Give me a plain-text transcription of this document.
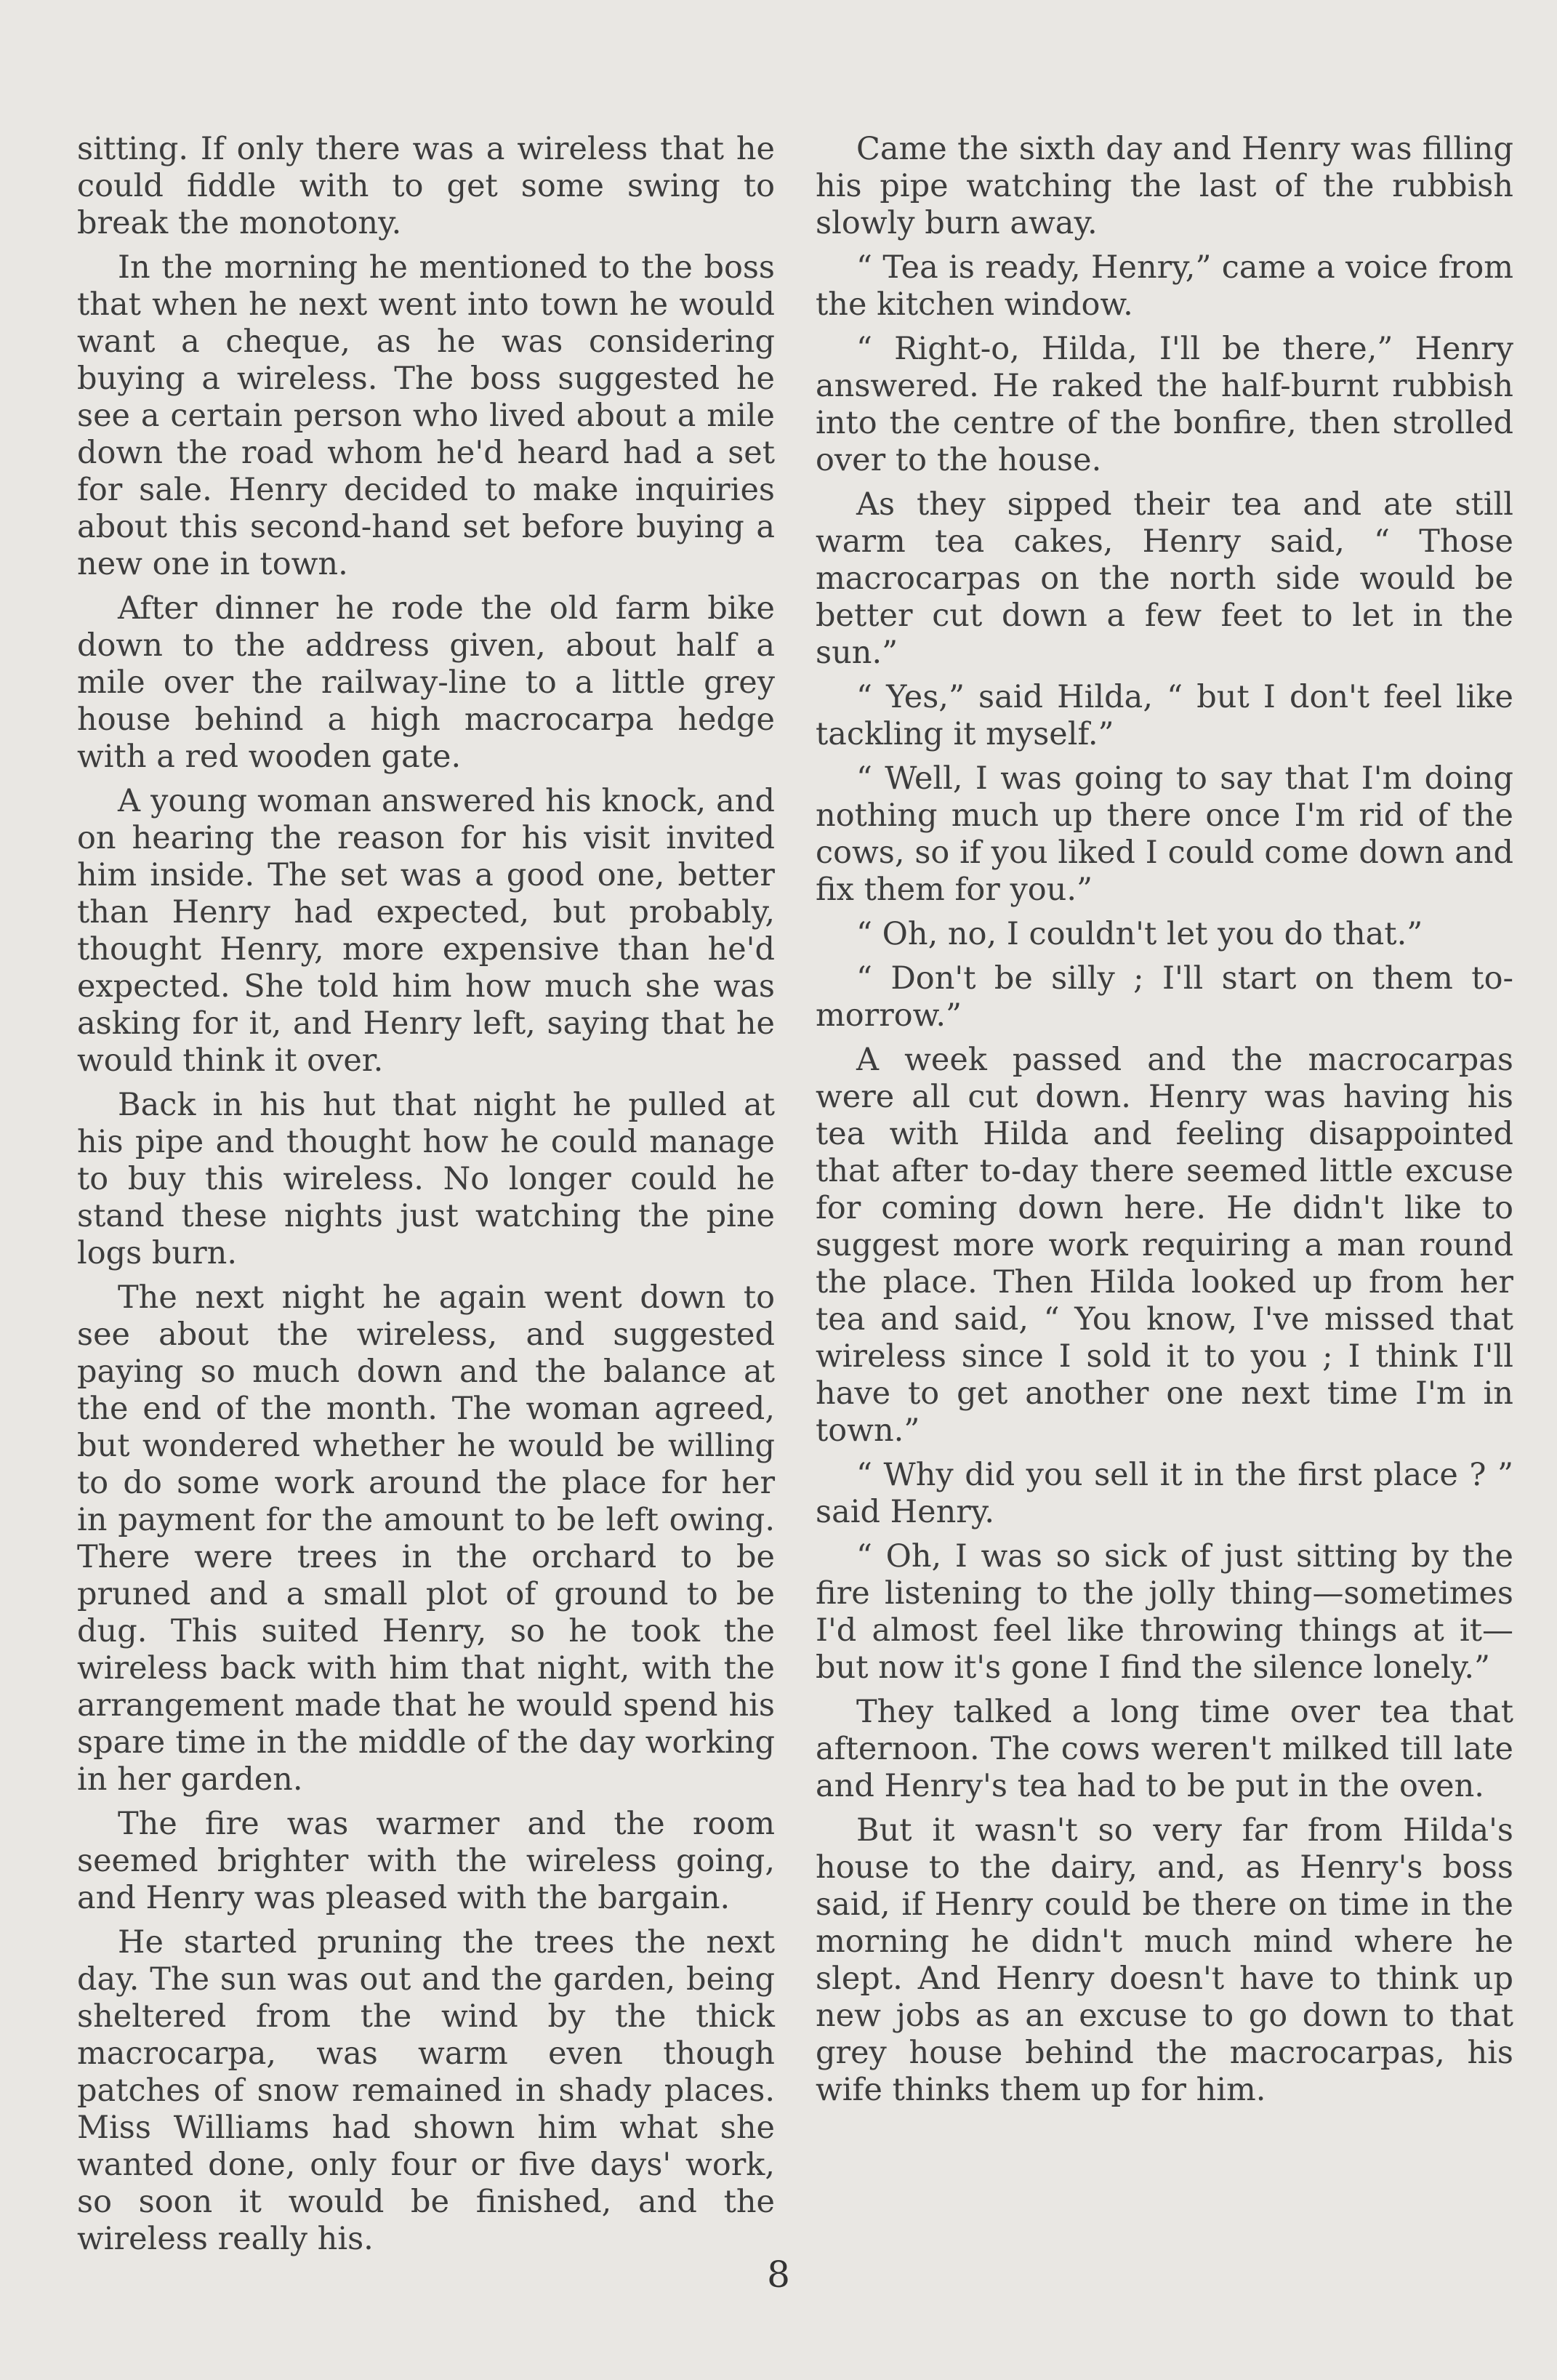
sitting. If only there was a wireless that he could fiddle with to get some swing to break the monotony.

In the morning he mentioned to the boss that when he next went into town he would want a cheque, as he was considering buying a wireless. The boss suggested he see a certain person who lived about a mile down the road whom he'd heard had a set for sale. Henry decided to make inquiries about this second-hand set before buying a new one in town.

After dinner he rode the old farm bike down to the address given, about half a mile over the railway-line to a little grey house behind a high macrocarpa hedge with a red wooden gate.

A young woman answered his knock, and on hearing the reason for his visit invited him inside. The set was a good one, better than Henry had expected, but probably, thought Henry, more expensive than he'd expected. She told him how much she was asking for it, and Henry left, saying that he would think it over.

Back in his hut that night he pulled at his pipe and thought how he could manage to buy this wireless. No longer could he stand these nights just watching the pine logs burn.

The next night he again went down to see about the wireless, and suggested paying so much down and the balance at the end of the month. The woman agreed, but wondered whether he would be willing to do some work around the place for her in payment for the amount to be left owing. There were trees in the orchard to be pruned and a small plot of ground to be dug. This suited Henry, so he took the wireless back with him that night, with the arrangement made that he would spend his spare time in the middle of the day working in her garden.

The fire was warmer and the room seemed brighter with the wireless going, and Henry was pleased with the bargain.

He started pruning the trees the next day. The sun was out and the garden, being sheltered from the wind by the thick macrocarpa, was warm even though patches of snow remained in shady places. Miss Williams had shown him what she wanted done, only four or five days' work, so soon it would be finished, and the wireless really his.

Came the sixth day and Henry was filling his pipe watching the last of the rubbish slowly burn away.

“ Tea is ready, Henry,” came a voice from the kitchen window.

“ Right-o, Hilda, I'll be there,” Henry answered. He raked the half-burnt rubbish into the centre of the bonfire, then strolled over to the house.

As they sipped their tea and ate still warm tea cakes, Henry said, “ Those macrocarpas on the north side would be better cut down a few feet to let in the sun.”

“ Yes,” said Hilda, “ but I don't feel like tackling it myself.”

“ Well, I was going to say that I'm doing nothing much up there once I'm rid of the cows, so if you liked I could come down and fix them for you.”

“ Oh, no, I couldn't let you do that.”

“ Don't be silly ; I'll start on them to-morrow.”

A week passed and the macrocarpas were all cut down. Henry was having his tea with Hilda and feeling disappointed that after to-day there seemed little excuse for coming down here. He didn't like to suggest more work requiring a man round the place. Then Hilda looked up from her tea and said, “ You know, I've missed that wireless since I sold it to you ; I think I'll have to get another one next time I'm in town.”

“ Why did you sell it in the first place ? ” said Henry.

“ Oh, I was so sick of just sitting by the fire listening to the jolly thing—sometimes I'd almost feel like throwing things at it—but now it's gone I find the silence lonely.”

They talked a long time over tea that afternoon. The cows weren't milked till late and Henry's tea had to be put in the oven.

But it wasn't so very far from Hilda's house to the dairy, and, as Henry's boss said, if Henry could be there on time in the morning he didn't much mind where he slept. And Henry doesn't have to think up new jobs as an excuse to go down to that grey house behind the macrocarpas, his wife thinks them up for him.

8
